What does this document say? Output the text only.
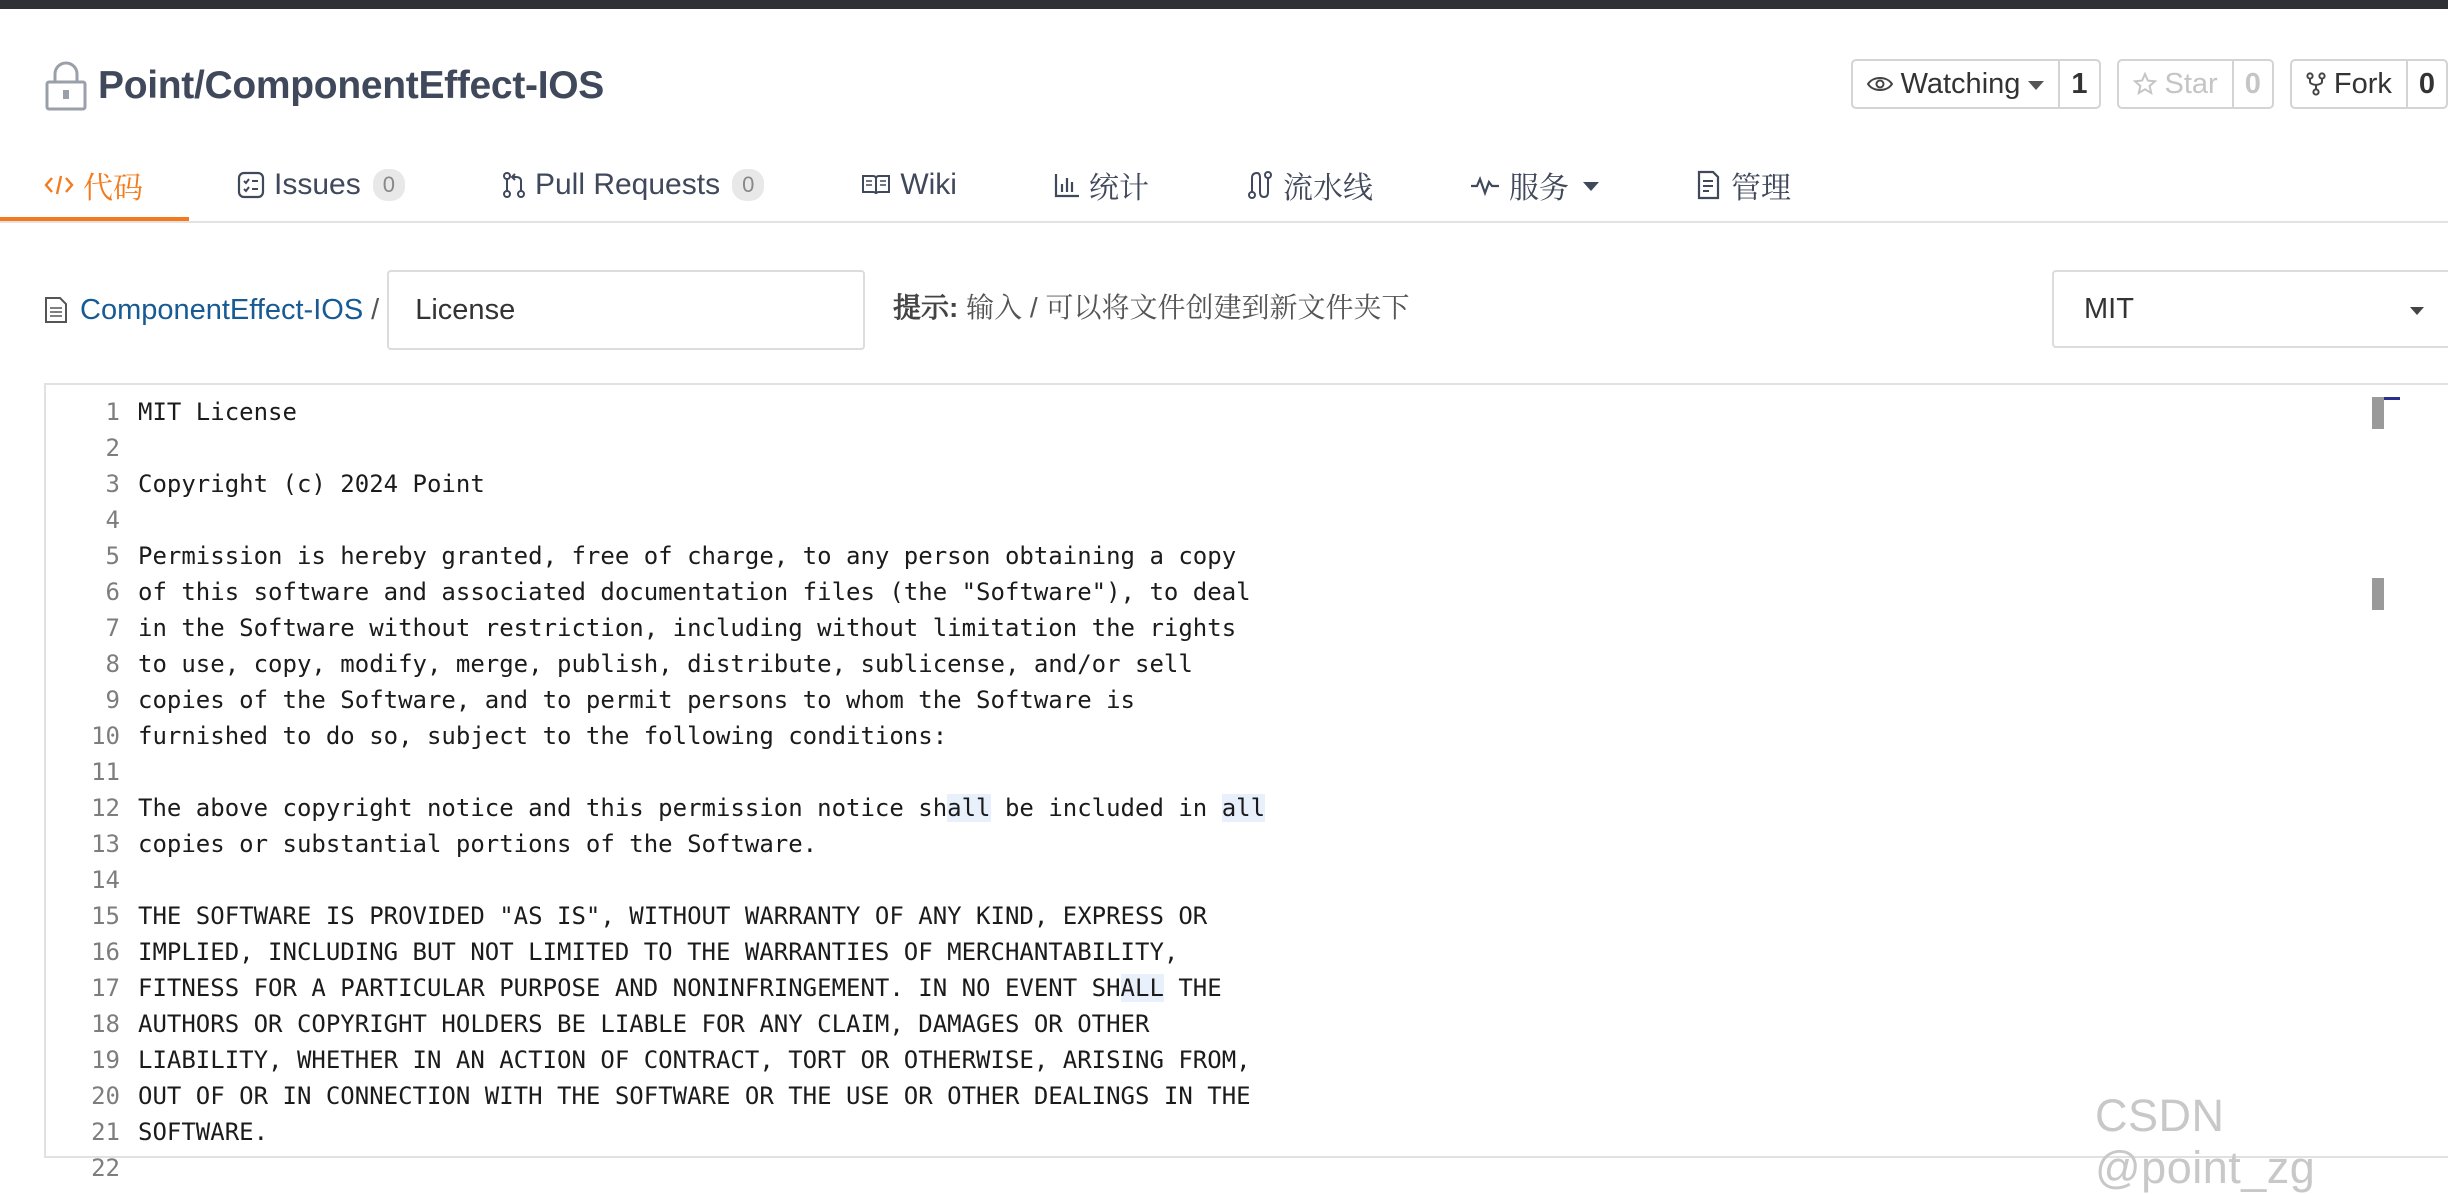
Point/ComponentEffect-IOS	Watching	1	Star 0	Fork 0
代码	Issues	0	Pull Requests	0	Wiki	统计	流水线	服务	管理
ComponentEffect-IOS /
License	提示: 输入 / 可以将文件创建到新文件夹下	MIT
1 MIT License
2
3 Copyright (c) 2024 Point
4
5 Permission is hereby granted, free of charge, to any person obtaining a copy
6 of this software and associated documentation files (the "Software"), to deal
7 in the Software without restriction, including without limitation the rights
8 to use, copy, modify, merge, publish, distribute, sublicense, and/or sell
9 copies of the Software, and to permit persons to whom the Software is
10 furnished to do so, subject to the following conditions:
11
12 The above copyright notice and this permission notice shall be included in all
13 copies or substantial portions of the Software.
14
15 THE SOFTWARE IS PROVIDED "AS IS", WITHOUT WARRANTY OF ANY KIND, EXPRESS OR
16 IMPLIED, INCLUDING BUT NOT LIMITED TO THE WARRANTIES OF MERCHANTABILITY,
17 FITNESS FOR A PARTICULAR PURPOSE AND NONINFRINGEMENT. IN NO EVENT SHALL THE
18 AUTHORS OR COPYRIGHT HOLDERS BE LIABLE FOR ANY CLAIM, DAMAGES OR OTHER
19 LIABILITY, WHETHER IN AN ACTION OF CONTRACT, TORT OR OTHERWISE, ARISING FROM,
20 OUT OF OR IN CONNECTION WITH THE SOFTWARE OR THE USE OR OTHER DEALINGS IN THE
21 SOFTWARE.
22
CSDN @point_zg
